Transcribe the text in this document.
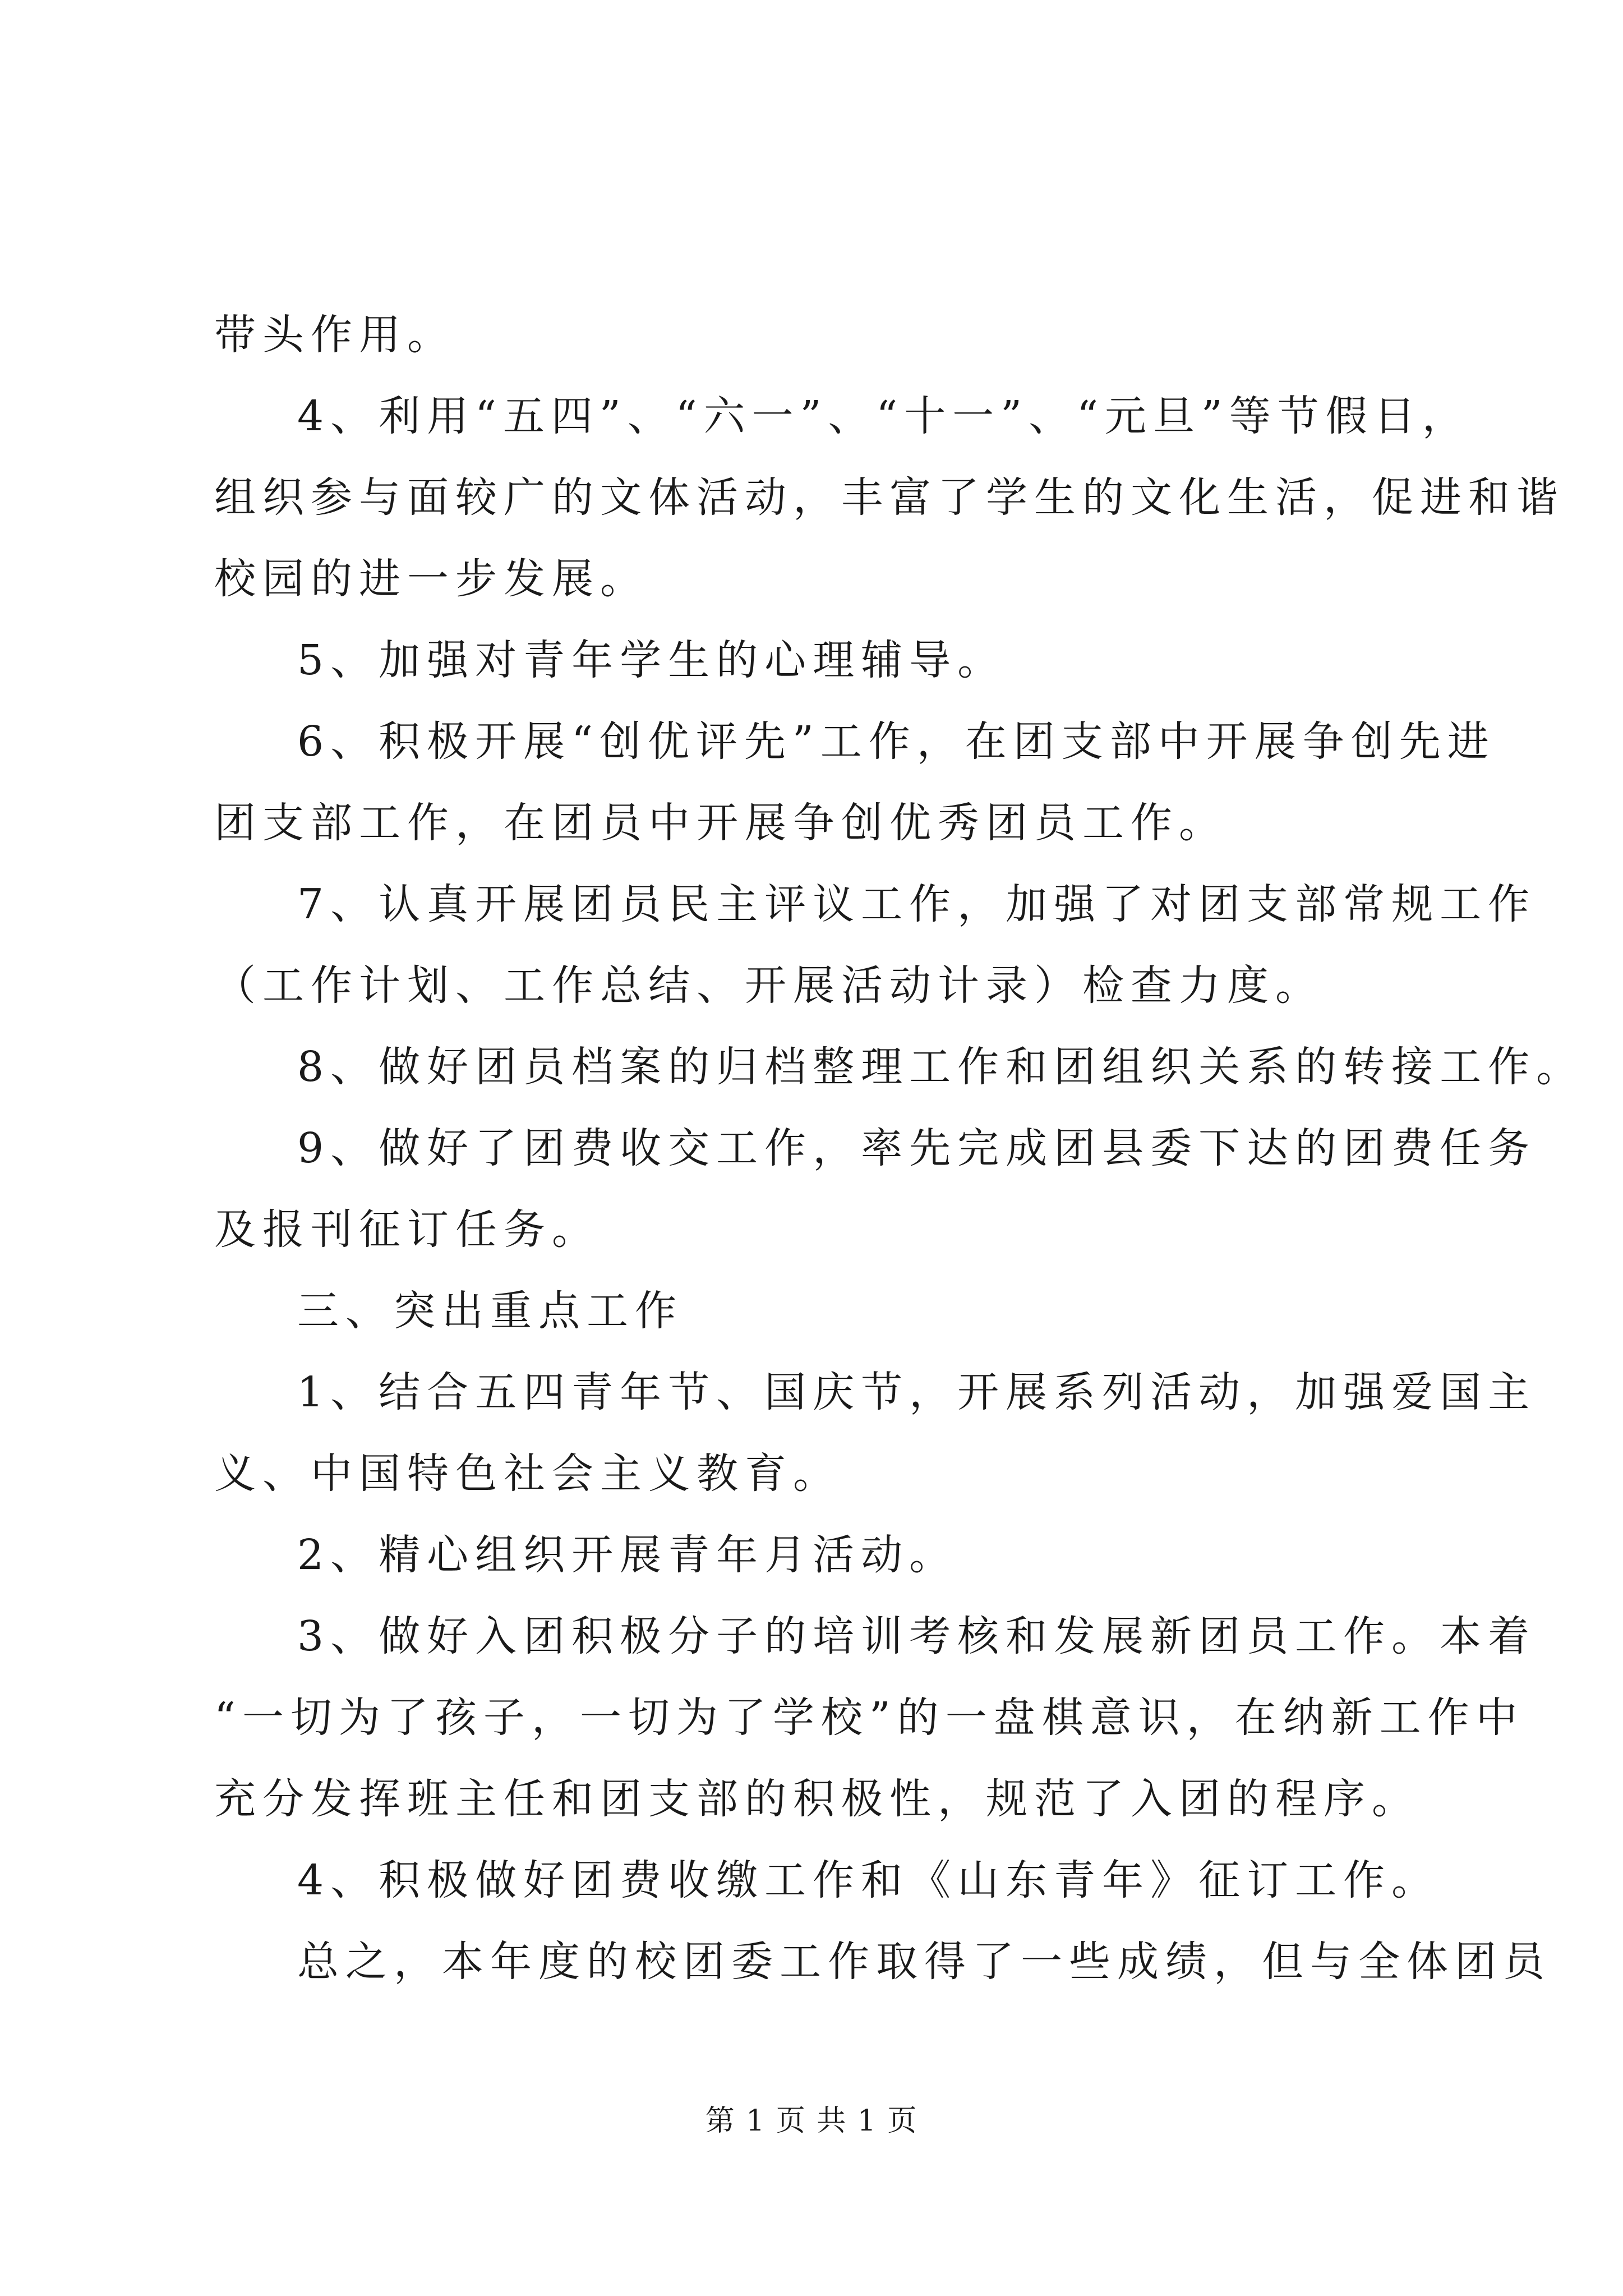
带头作用。
4、利用“五四”、“六一”、“十一”、“元旦”等节假日，
组织参与面较广的文体活动，丰富了学生的文化生活，促进和谐
校园的进一步发展。
5、加强对青年学生的心理辅导。
6、积极开展“创优评先”工作，在团支部中开展争创先进
团支部工作，在团员中开展争创优秀团员工作。
7、认真开展团员民主评议工作，加强了对团支部常规工作
（工作计划、工作总结、开展活动计录）检查力度。
8、做好团员档案的归档整理工作和团组织关系的转接工作。
9、做好了团费收交工作，率先完成团县委下达的团费任务
及报刊征订任务。
三、突出重点工作
1、结合五四青年节、国庆节，开展系列活动，加强爱国主
义、中国特色社会主义教育。
2、精心组织开展青年月活动。
3、做好入团积极分子的培训考核和发展新团员工作。本着
“一切为了孩子，一切为了学校”的一盘棋意识，在纳新工作中
充分发挥班主任和团支部的积极性，规范了入团的程序。
4、积极做好团费收缴工作和《山东青年》征订工作。
总之，本年度的校团委工作取得了一些成绩，但与全体团员
第 1 页 共 1 页
